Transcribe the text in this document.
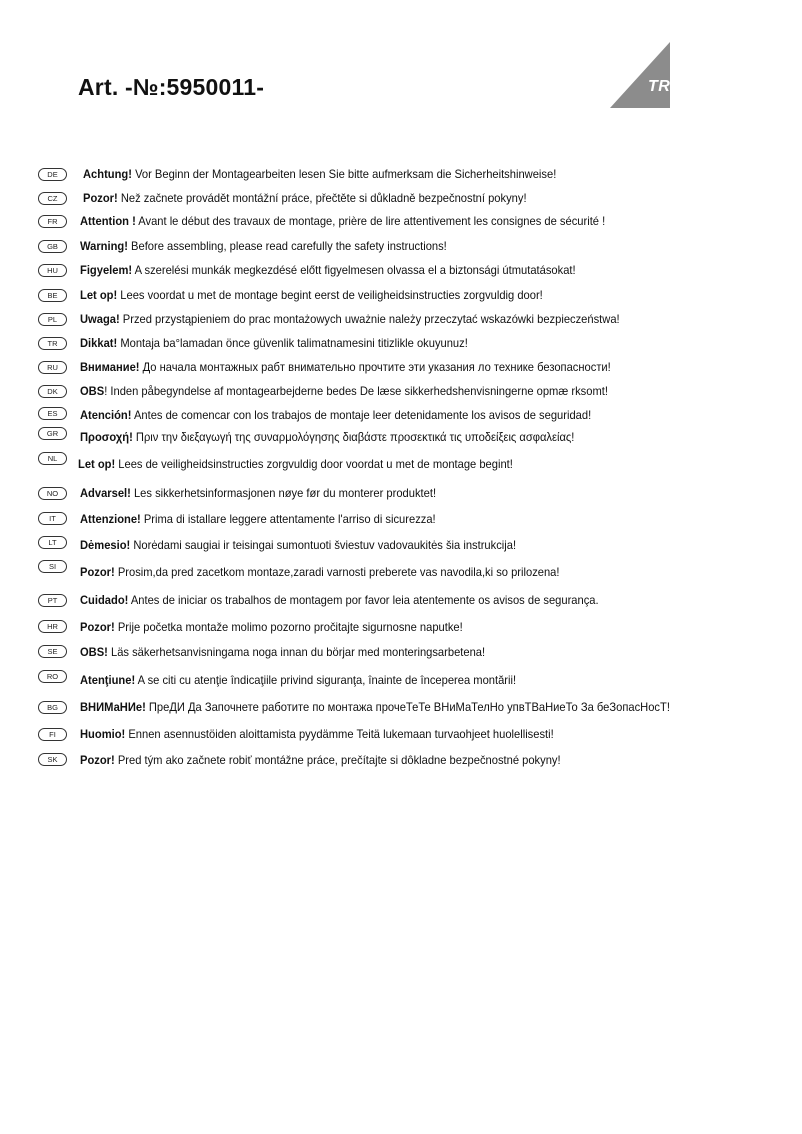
Art. -№:5950011-	TRIO
DE	Achtung! Vor Beginn der Montagearbeiten lesen Sie bitte aufmerksam die Sicherheitshinweise!
CZ	Pozor! Než začnete provádět montážní práce, přečtěte si důkladně bezpečnostní pokyny!
FR	Attention ! Avant le début des travaux de montage, prière de lire attentivement les consignes de sécurité !
GB	Warning! Before assembling, please read carefully the safety instructions!
HU	Figyelem! A szerelési munkák megkezdésé előtt figyelmesen olvassa el a biztonsági útmutatásokat!
BE	Let op! Lees voordat u met de montage begint eerst de veiligheidsinstructies zorgvuldig door!
PL	Uwaga! Przed przystąpieniem do prac montażowych uważnie należy przeczytać wskazówki bezpieczeństwa!
TR	Dikkat! Montaja ba°lamadan önce güvenlik talimatnamesini titizlikle okuyunuz!
RU	Внимание! До начала монтажных рабт внимательно прочтите эти указания ло технике безопасности!
DK	OBS! Inden påbegyndelse af montagearbejderne bedes De læse sikkerhedshenvisningerne opmæ rksomt!
ES	Atención! Antes de comencar con los trabajos de montaje leer detenidamente los avisos de seguridad!
GR	Προσοχή! Πριν την διεξαγωγή της συναρμολόγησης διαβάστε προσεκτικά τις υποδείξεις ασφαλείας!
NL	Let op! Lees de veiligheidsinstructies zorgvuldig door voordat u met de montage begint!
NO	Advarsel! Les sikkerhetsinformasjonen nøye før du monterer produktet!
IT	Attenzione! Prima di istallare leggere attentamente l'arriso di sicurezza!
LT	Dėmesio! Norėdami saugiai ir teisingai sumontuoti šviestuv vadovaukitės šia instrukcija!
SI	Pozor! Prosim,da pred zacetkom montaze,zaradi varnosti preberete vas navodila,ki so prilozena!
PT	Cuidado! Antes de iniciar os trabalhos de montagem por favor leia atentemente os avisos de segurança.
HR	Pozor! Prije početka montaže molimo pozorno pročitajte sigurnosne naputke!
SE	OBS! Läs säkerhetsanvisningama noga innan du börjar med monteringsarbetena!
RO	Atenţiune! A se citi cu atenţie îndicaţiile privind siguranţa, înainte de începerea montării!
BG	ВНИМаНИе! ПреДИ Да Започнете работите по монтажа прочеТеТе ВНиМаТелНо упвТВаНиеТо За беЗопасНосТ!
FI	Huomio! Ennen asennustöiden aloittamista pyydämme Teitä lukemaan turvaohjeet huolellisesti!
SK	Pozor! Pred tým ako začnete robiť montážne práce, prečítajte si dôkladne bezpečnostné pokyny!
